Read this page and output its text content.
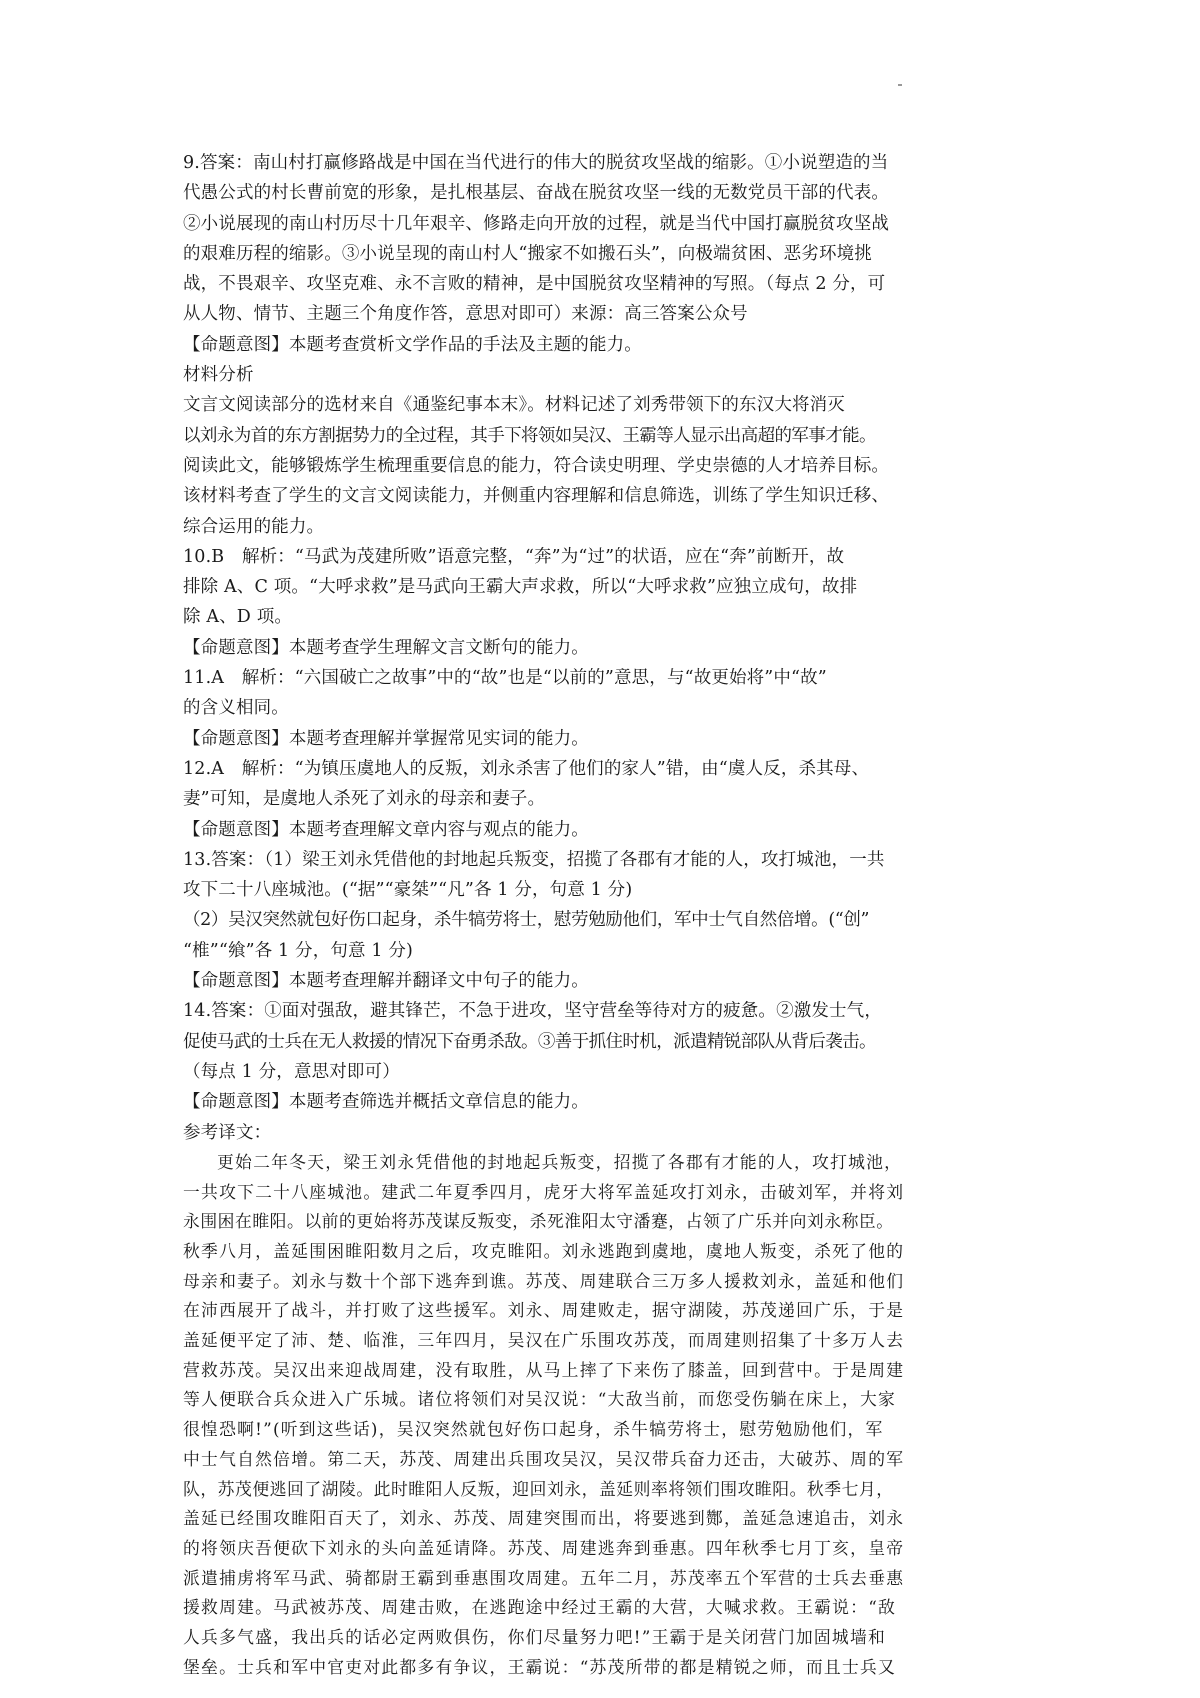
9.答案：南山村打赢修路战是中国在当代进行的伟大的脱贫攻坚战的缩影。①小说塑造的当
代愚公式的村长曹前宽的形象，是扎根基层、奋战在脱贫攻坚一线的无数党员干部的代表。
②小说展现的南山村历尽十几年艰辛、修路走向开放的过程，就是当代中国打赢脱贫攻坚战
的艰难历程的缩影。③小说呈现的南山村人“搬家不如搬石头”，向极端贫困、恶劣环境挑
战，不畏艰辛、攻坚克难、永不言败的精神，是中国脱贫攻坚精神的写照。（每点 2 分，可
从人物、情节、主题三个角度作答，意思对即可）来源：高三答案公众号
【命题意图】本题考查赏析文学作品的手法及主题的能力。
材料分析
文言文阅读部分的选材来自《通鉴纪事本末》。材料记述了刘秀带领下的东汉大将消灭
以刘永为首的东方割据势力的全过程，其手下将领如吴汉、王霸等人显示出高超的军事才能。
阅读此文，能够锻炼学生梳理重要信息的能力，符合读史明理、学史崇德的人才培养目标。
该材料考查了学生的文言文阅读能力，并侧重内容理解和信息筛选，训练了学生知识迁移、
综合运用的能力。
10.B　解析：“马武为茂建所败”语意完整，“奔”为“过”的状语，应在“奔”前断开，故
排除 A、C 项。“大呼求救”是马武向王霸大声求救，所以“大呼求救”应独立成句，故排
除 A、D 项。
【命题意图】本题考查学生理解文言文断句的能力。
11.A　解析：“六国破亡之故事”中的“故”也是“以前的”意思，与“故更始将”中“故”
的含义相同。
【命题意图】本题考查理解并掌握常见实词的能力。
12.A　解析：“为镇压虞地人的反叛，刘永杀害了他们的家人”错，由“虞人反，杀其母、
妻”可知，是虞地人杀死了刘永的母亲和妻子。
【命题意图】本题考查理解文章内容与观点的能力。
13.答案：（1）梁王刘永凭借他的封地起兵叛变，招揽了各郡有才能的人，攻打城池，一共
攻下二十八座城池。(“据”“豪桀”“凡”各 1 分，句意 1 分)
（2）吴汉突然就包好伤口起身，杀牛犒劳将士，慰劳勉励他们，军中士气自然倍增。(“创”
“椎”“飨”各 1 分，句意 1 分)
【命题意图】本题考查理解并翻译文中句子的能力。
14.答案：①面对强敌，避其锋芒，不急于进攻，坚守营垒等待对方的疲惫。②激发士气，
促使马武的士兵在无人救援的情况下奋勇杀敌。③善于抓住时机，派遣精锐部队从背后袭击。
（每点 1 分，意思对即可）
【命题意图】本题考查筛选并概括文章信息的能力。
参考译文：
更始二年冬天，梁王刘永凭借他的封地起兵叛变，招揽了各郡有才能的人，攻打城池，
一共攻下二十八座城池。建武二年夏季四月，虎牙大将军盖延攻打刘永，击破刘军，并将刘
永围困在睢阳。以前的更始将苏茂谋反叛变，杀死淮阳太守潘蹇，占领了广乐并向刘永称臣。
秋季八月，盖延围困睢阳数月之后，攻克睢阳。刘永逃跑到虞地，虞地人叛变，杀死了他的
母亲和妻子。刘永与数十个部下逃奔到谯。苏茂、周建联合三万多人援救刘永，盖延和他们
在沛西展开了战斗，并打败了这些援军。刘永、周建败走，据守湖陵，苏茂递回广乐，于是
盖延便平定了沛、楚、临淮，三年四月，吴汉在广乐围攻苏茂，而周建则招集了十多万人去
营救苏茂。吴汉出来迎战周建，没有取胜，从马上摔了下来伤了膝盖，回到营中。于是周建
等人便联合兵众进入广乐城。诸位将领们对吴汉说：“大敌当前，而您受伤躺在床上，大家
很惶恐啊!”(听到这些话)，吴汉突然就包好伤口起身，杀牛犒劳将士，慰劳勉励他们，军
中士气自然倍增。第二天，苏茂、周建出兵围攻吴汉，吴汉带兵奋力还击，大破苏、周的军
队，苏茂便逃回了湖陵。此时睢阳人反叛，迎回刘永，盖延则率将领们围攻睢阳。秋季七月，
盖延已经围攻睢阳百天了，刘永、苏茂、周建突围而出，将要逃到酂，盖延急速追击，刘永
的将领庆吾便砍下刘永的头向盖延请降。苏茂、周建逃奔到垂惠。四年秋季七月丁亥，皇帝
派遣捕虏将军马武、骑都尉王霸到垂惠围攻周建。五年二月，苏茂率五个军营的士兵去垂惠
援救周建。马武被苏茂、周建击败，在逃跑途中经过王霸的大营，大喊求救。王霸说：“敌
人兵多气盛，我出兵的话必定两败俱伤，你们尽量努力吧!”王霸于是关闭营门加固城墙和
堡垒。士兵和军中官吏对此都多有争议，王霸说：“苏茂所带的都是精锐之师，而且士兵又
